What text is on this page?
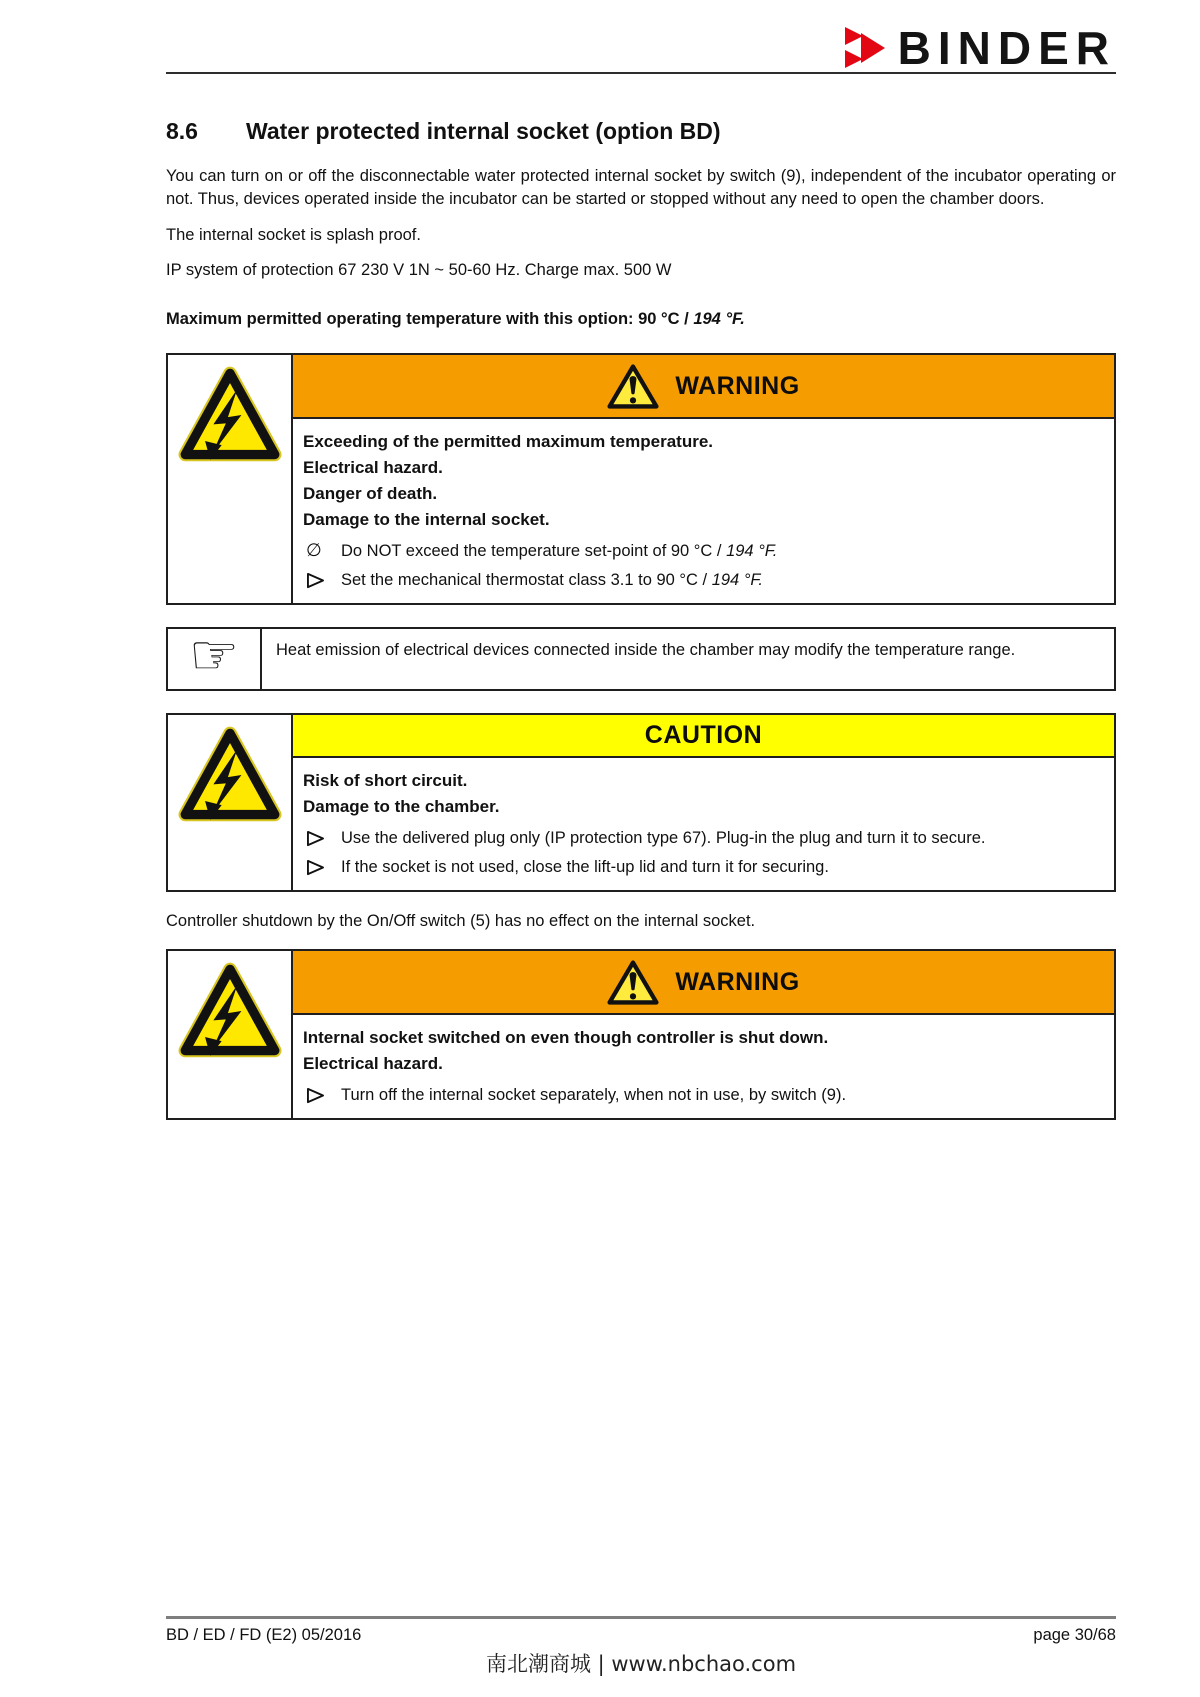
BINDER
8.6	Water protected internal socket (option BD)

You can turn on or off the disconnectable water protected internal socket by switch (9), independent of the incubator operating or not. Thus, devices operated inside the incubator can be started or stopped without any need to open the chamber doors.

The internal socket is splash proof.

IP system of protection 67 230 V 1N ~ 50-60 Hz. Charge max. 500 W

Maximum permitted operating temperature with this option: 90 °C / 194 °F.

WARNING
Exceeding of the permitted maximum temperature.
Electrical hazard.
Danger of death.
Damage to the internal socket.
∅	Do NOT exceed the temperature set-point of 90 °C / 194 °F.
Set the mechanical thermostat class 3.1 to 90 °C / 194 °F.
☞	Heat emission of electrical devices connected inside the chamber may modify the temperature range.
CAUTION
Risk of short circuit.
Damage to the chamber.
Use the delivered plug only (IP protection type 67). Plug-in the plug and turn it to secure.
If the socket is not used, close the lift-up lid and turn it for securing.

Controller shutdown by the On/Off switch (5) has no effect on the internal socket.

WARNING
Internal socket switched on even though controller is shut down.
Electrical hazard.
Turn off the internal socket separately, when not in use, by switch (9).
BD / ED / FD (E2) 05/2016	page 30/68
南北潮商城 | www.nbchao.com
